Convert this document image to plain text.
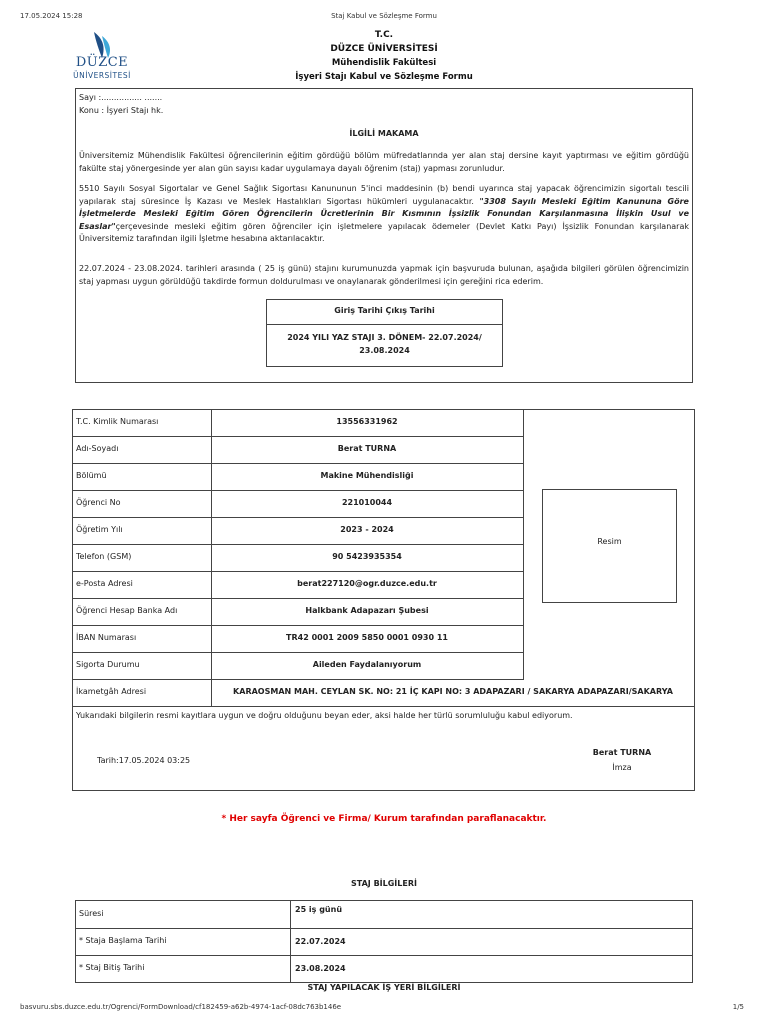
17.05.2024 15:28	Staj Kabul ve Sözleşme Formu
DÜZCE
ÜNİVERSİTESİ
T.C.
DÜZCE ÜNİVERSİTESİ
Mühendislik Fakültesi
İşyeri Stajı Kabul ve Sözleşme Formu
Sayı :................ .......
Konu : İşyeri Stajı hk.
İLGİLİ MAKAMA
Üniversitemiz Mühendislik Fakültesi öğrencilerinin eğitim gördüğü bölüm müfredatlarında yer alan staj dersine kayıt yaptırması ve eğitim gördüğü fakülte staj yönergesinde yer alan gün sayısı kadar uygulamaya dayalı öğrenim (staj) yapması zorunludur.
5510 Sayılı Sosyal Sigortalar ve Genel Sağlık Sigortası Kanununun 5'inci maddesinin (b) bendi uyarınca staj yapacak öğrencimizin sigortalı tescili yapılarak staj süresince İş Kazası ve Meslek Hastalıkları Sigortası hükümleri uygulanacaktır. "3308 Sayılı Mesleki Eğitim Kanununa Göre İşletmelerde Mesleki Eğitim Gören Öğrencilerin Ücretlerinin Bir Kısmının İşsizlik Fonundan Karşılanmasına İlişkin Usul ve Esaslar"çerçevesinde mesleki eğitim gören öğrenciler için işletmelere yapılacak ödemeler (Devlet Katkı Payı) İşsizlik Fonundan karşılanarak Üniversitemiz tarafından ilgili İşletme hesabına aktarılacaktır.
22.07.2024 - 23.08.2024. tarihleri arasında ( 25 iş günü) stajını kurumunuzda yapmak için başvuruda bulunan, aşağıda bilgileri görülen öğrencimizin staj yapması uygun görüldüğü takdirde formun doldurulması ve onaylanarak gönderilmesi için gereğini rica ederim.
Giriş Tarihi Çıkış Tarihi
2024 YILI YAZ STAJI 3. DÖNEM- 22.07.2024/
23.08.2024
T.C. Kimlik Numarası	13556331962
Adı-Soyadı	Berat TURNA
Bölümü	Makine Mühendisliği
Öğrenci No	221010044
Öğretim Yılı	2023 - 2024
Telefon (GSM)	90 5423935354
e-Posta Adresi	berat227120@ogr.duzce.edu.tr
Öğrenci Hesap Banka Adı	Halkbank Adapazarı Şubesi
İBAN Numarası	TR42 0001 2009 5850 0001 0930 11
Sigorta Durumu	Aileden Faydalanıyorum
İkametgâh Adresi	KARAOSMAN MAH. CEYLAN SK. NO: 21 İÇ KAPI NO: 3 ADAPAZARI / SAKARYA ADAPAZARI/SAKARYA
Resim
Yukarıdaki bilgilerin resmi kayıtlara uygun ve doğru olduğunu beyan eder, aksi halde her türlü sorumluluğu kabul ediyorum.
Tarih:17.05.2024 03:25
Berat TURNA
İmza
* Her sayfa Öğrenci ve Firma/ Kurum tarafından paraflanacaktır.
STAJ BİLGİLERİ
Süresi	25 iş günü
* Staja Başlama Tarihi	22.07.2024
* Staj Bitiş Tarihi	23.08.2024
STAJ YAPILACAK İŞ YERİ BİLGİLERİ
basvuru.sbs.duzce.edu.tr/Ogrenci/FormDownload/cf182459-a62b-4974-1acf-08dc763b146e	1/5
